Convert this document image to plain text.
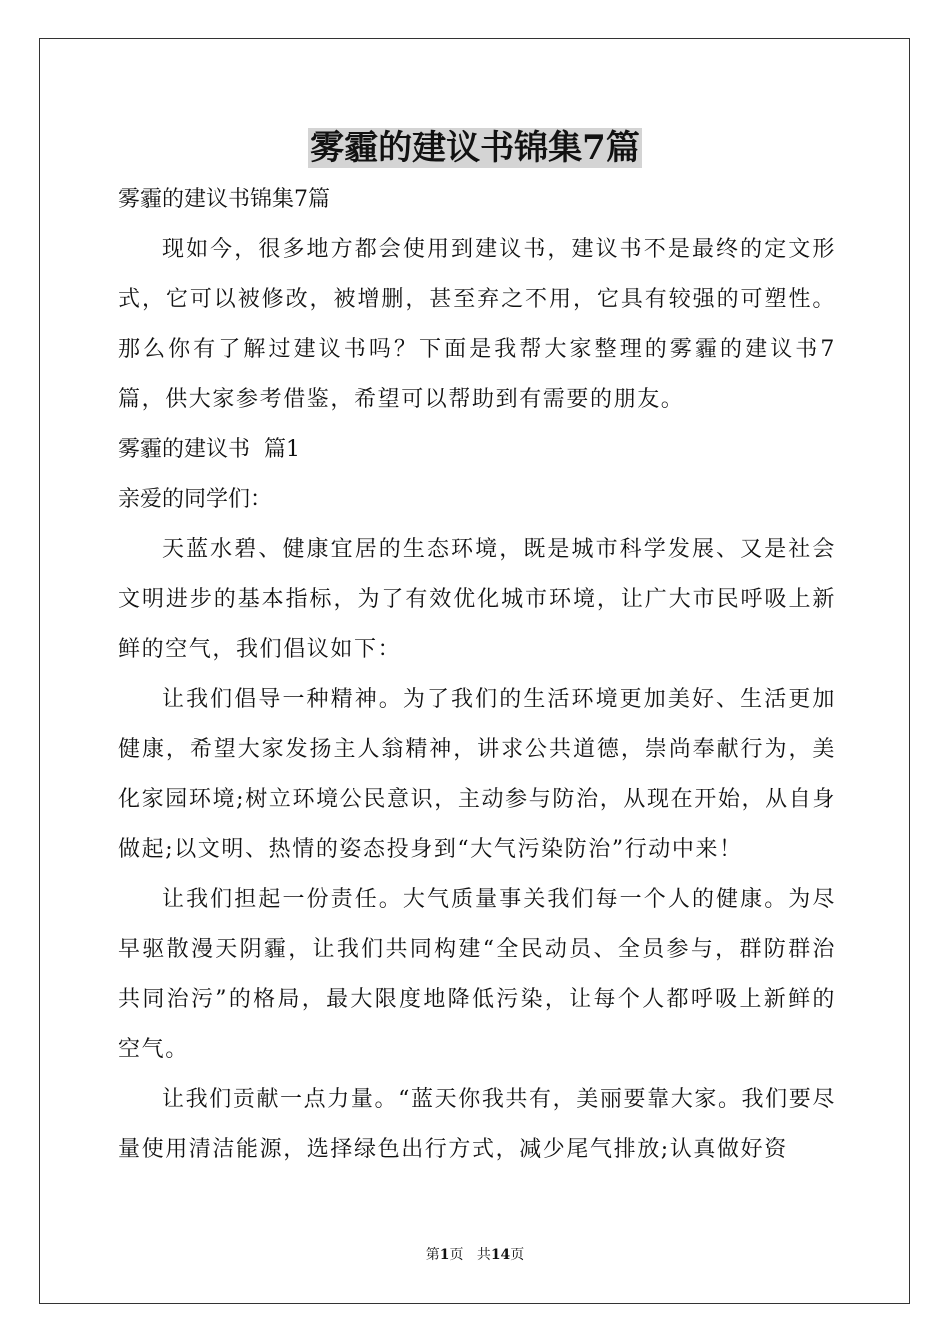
雾霾的建议书锦集7篇

雾霾的建议书锦集7篇

现如今，很多地方都会使用到建议书，建议书不是最终的定文形式，它可以被修改，被增删，甚至弃之不用，它具有较强的可塑性。那么你有了解过建议书吗？下面是我帮大家整理的雾霾的建议书7篇，供大家参考借鉴，希望可以帮助到有需要的朋友。

雾霾的建议书  篇1

亲爱的同学们：

天蓝水碧、健康宜居的生态环境，既是城市科学发展、又是社会文明进步的基本指标，为了有效优化城市环境，让广大市民呼吸上新鲜的空气，我们倡议如下：

让我们倡导一种精神。为了我们的生活环境更加美好、生活更加健康，希望大家发扬主人翁精神，讲求公共道德，崇尚奉献行为，美化家园环境;树立环境公民意识，主动参与防治，从现在开始，从自身做起;以文明、热情的姿态投身到“大气污染防治”行动中来！

让我们担起一份责任。大气质量事关我们每一个人的健康。为尽早驱散漫天阴霾，让我们共同构建“全民动员、全员参与，群防群治共同治污”的格局，最大限度地降低污染，让每个人都呼吸上新鲜的空气。

让我们贡献一点力量。“蓝天你我共有，美丽要靠大家。我们要尽量使用清洁能源，选择绿色出行方式，减少尾气排放;认真做好资

第1页 共14页
